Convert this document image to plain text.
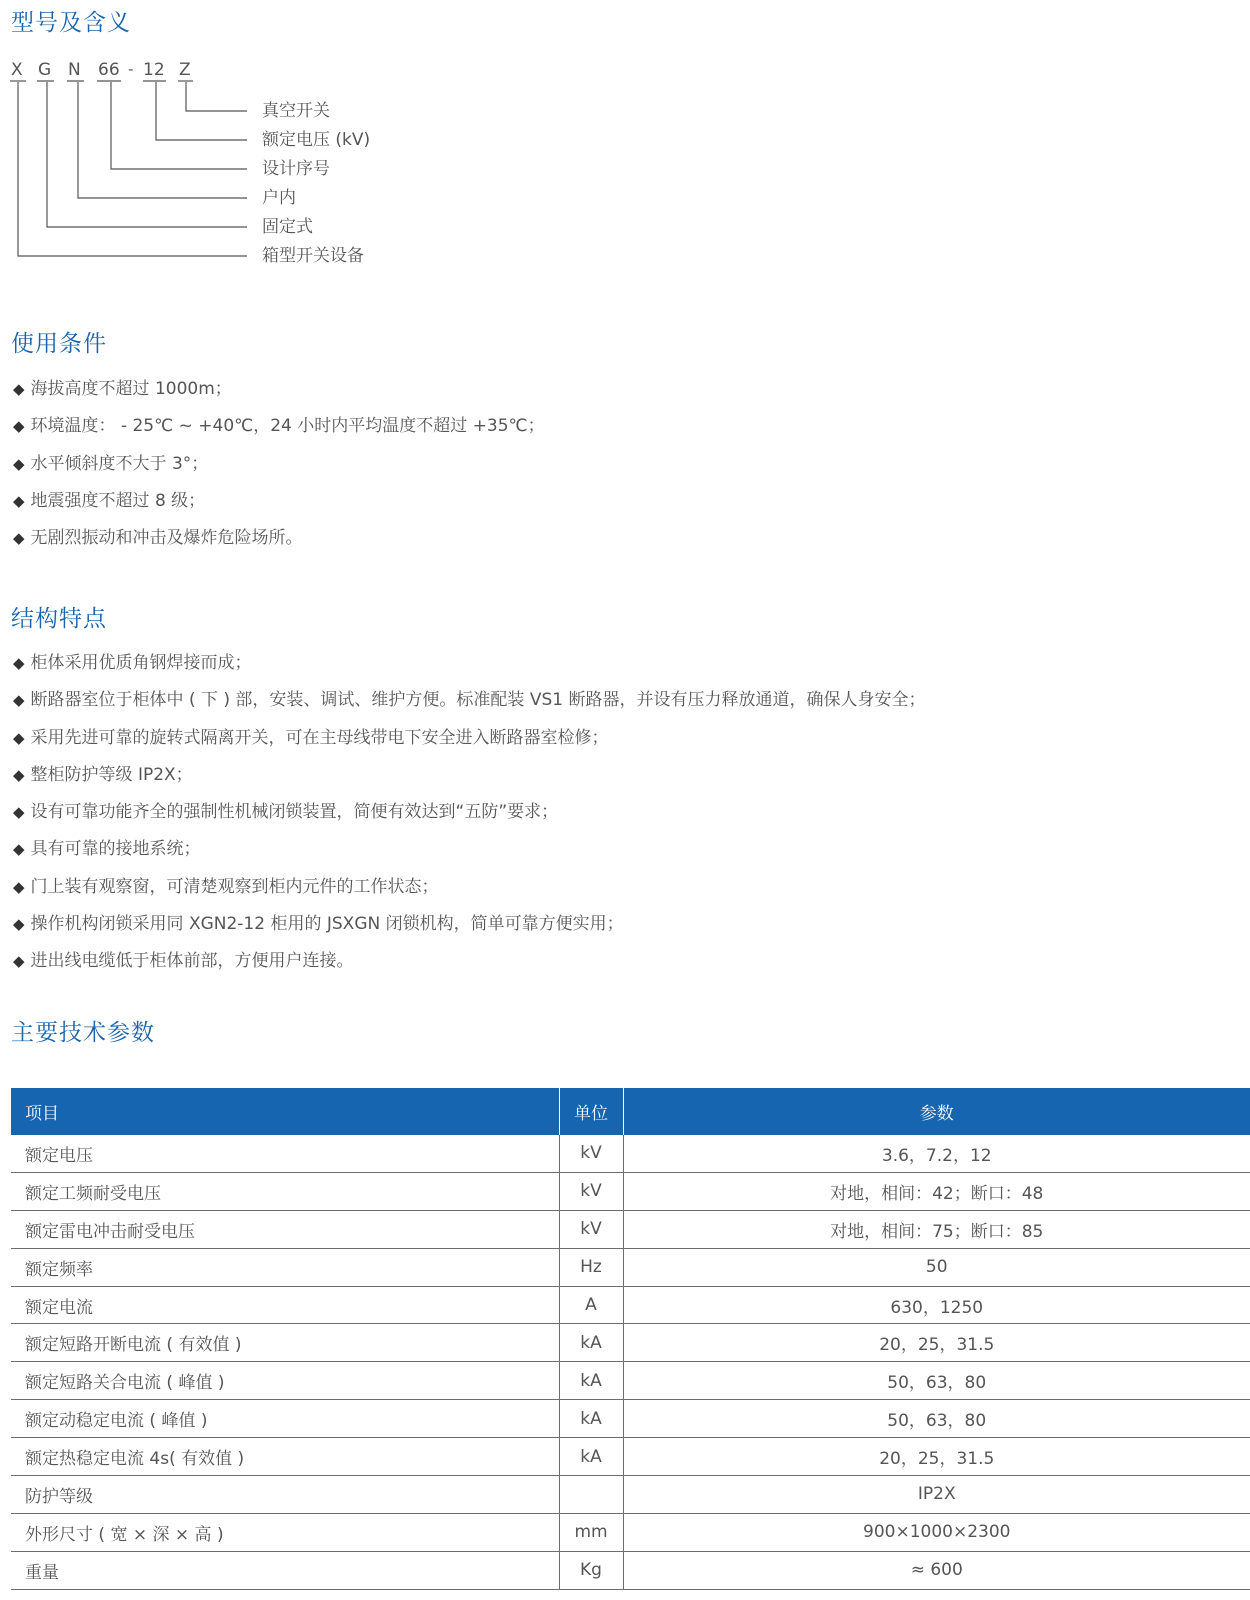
型号及含义
X G N 66 - 12 Z
真空开关
额定电压 (kV)
设计序号
户内
固定式
箱型开关设备
使用条件
◆ 海拔高度不超过 1000m；
◆ 环境温度： - 25℃ ~ +40℃，24 小时内平均温度不超过 +35℃；
◆ 水平倾斜度不大于 3°；
◆ 地震强度不超过 8 级；
◆ 无剧烈振动和冲击及爆炸危险场所。
结构特点
◆ 柜体采用优质角钢焊接而成；
◆ 断路器室位于柜体中 ( 下 ) 部，安装、调试、维护方便。标准配装 VS1 断路器，并设有压力释放通道，确保人身安全；
◆ 采用先进可靠的旋转式隔离开关，可在主母线带电下安全进入断路器室检修；
◆ 整柜防护等级 IP2X；
◆ 设有可靠功能齐全的强制性机械闭锁装置，简便有效达到“五防”要求；
◆ 具有可靠的接地系统；
◆ 门上装有观察窗，可清楚观察到柜内元件的工作状态；
◆ 操作机构闭锁采用同 XGN2-12 柜用的 JSXGN 闭锁机构，简单可靠方便实用；
◆ 进出线电缆低于柜体前部，方便用户连接。
主要技术参数
项目	单位	参数
额定电压	kV	3.6，7.2，12
额定工频耐受电压	kV	对地，相间：42；断口：48
额定雷电冲击耐受电压	kV	对地，相间：75；断口：85
额定频率	Hz	50
额定电流	A	630，1250
额定短路开断电流 ( 有效值 )	kA	20，25，31.5
额定短路关合电流 ( 峰值 )	kA	50，63，80
额定动稳定电流 ( 峰值 )	kA	50，63，80
额定热稳定电流 4s( 有效值 )	kA	20，25，31.5
防护等级		IP2X
外形尺寸 ( 宽 × 深 × 高 )	mm	900×1000×2300
重量	Kg	≈ 600
